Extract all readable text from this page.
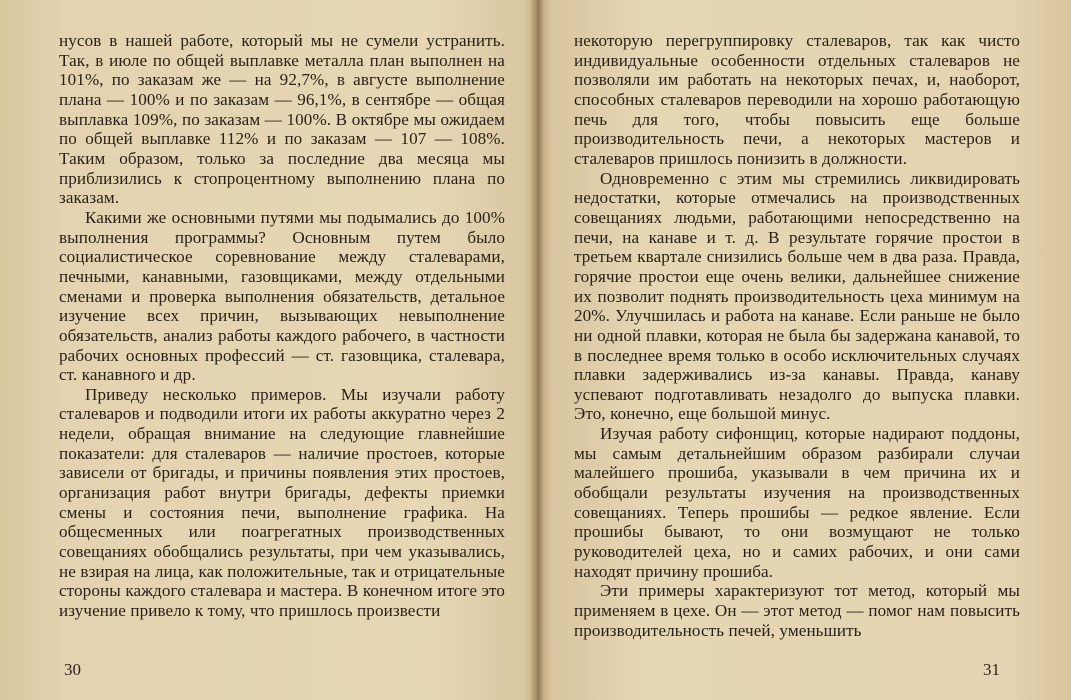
нусов в нашей работе, который мы не сумели устранить. Так, в июле по общей выплавке металла план выполнен на 101%, по заказам же — на 92,7%, в августе выполнение плана — 100% и по заказам — 96,1%, в сентябре — общая выплавка 109%, по заказам — 100%. В октябре мы ожидаем по общей выплавке 112% и по заказам — 107 — 108%. Таким образом, только за последние два месяца мы приблизились к стопроцентному выполнению плана по заказам.

Какими же основными путями мы подымались до 100% выполнения программы? Основным путем было социалистическое соревнование между сталеварами, печными, канавными, газовщиками, между отдельными сменами и проверка выполнения обязательств, детальное изучение всех причин, вызывающих невыполнение обязательств, анализ работы каждого рабочего, в частности рабочих основных профессий — ст. газовщика, сталевара, ст. канавного и др.

Приведу несколько примеров. Мы изучали работу сталеваров и подводили итоги их работы аккуратно через 2 недели, обращая внимание на следующие главнейшие показатели: для сталеваров — наличие простоев, которые зависели от бригады, и причины появления этих простоев, организация работ внутри бригады, дефекты приемки смены и состояния печи, выполнение графика. На общесменных или поагрегатных производственных совещаниях обобщались результаты, при чем указывались, не взирая на лица, как положительные, так и отрицательные стороны каждого сталевара и мастера. В конечном итоге это изучение привело к тому, что пришлось произвести

30

некоторую перегруппировку сталеваров, так как чисто индивидуальные особенности отдельных сталеваров не позволяли им работать на некоторых печах, и, наоборот, способных сталеваров переводили на хорошо работающую печь для того, чтобы повысить еще больше производительность печи, а некоторых мастеров и сталеваров пришлось понизить в должности.

Одновременно с этим мы стремились ликвидировать недостатки, которые отмечались на производственных совещаниях людьми, работающими непосредственно на печи, на канаве и т. д. В результате горячие простои в третьем квартале снизились больше чем в два раза. Правда, горячие простои еще очень велики, дальнейшее снижение их позволит поднять производительность цеха минимум на 20%. Улучшилась и работа на канаве. Если раньше не было ни одной плавки, которая не была бы задержана канавой, то в последнее время только в особо исключительных случаях плавки задерживались из-за канавы. Правда, канаву успевают подготавливать незадолго до выпуска плавки. Это, конечно, еще большой минус.

Изучая работу сифонщиц, которые надирают поддоны, мы самым детальнейшим образом разбирали случаи малейшего прошиба, указывали в чем причина их и обобщали результаты изучения на производственных совещаниях. Теперь прошибы — редкое явление. Если прошибы бывают, то они возмущают не только руководителей цеха, но и самих рабочих, и они сами находят причину прошиба.

Эти примеры характеризуют тот метод, который мы применяем в цехе. Он — этот метод — помог нам повысить производительность печей, уменьшить

31
